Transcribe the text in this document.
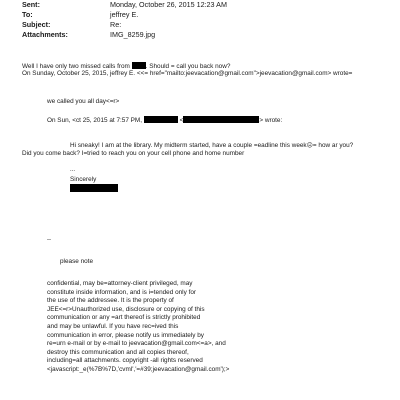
Sent:	Monday, October 26, 2015 12:23 AM
To:	jeffrey E.
Subject:	Re:
Attachments:	IMG_8259.jpg
Well I have only two missed calls from . Should = call you back now?
On Sunday, October 25, 2015, jeffrey E. <<= href="mailto:jeevacation@gmail.com">jeevacation@gmail.com> wrote=
we called you all day<=r>
On Sun, <ct 25, 2015 at 7:57 PM,	<	> wrote:
Hi sneaky! I am at the library. My midterm started, have a couple =eadline this week☹= how ar you?
Did you come back? I=tried to reach you on your cell phone and home number
...
Sincerely
--
please note
confidential, may be=attorney-client privileged, may
constitute inside information, and is i=tended only for
the use of the addressee. It is the property of
JEE<=r>Unauthorized use, disclosure or copying of this
communication or any =art thereof is strictly prohibited
and may be unlawful. If you have rec=ived this
communication in error, please notify us immediately by
re=urn e-mail or by e-mail to jeevacation@gmail.com<=a>, and
destroy this communication and all copies thereof,
including=all attachments. copyright -all rights reserved
<javascript:_e(%7B%7D,'cvml','=#39;jeevacation@gmail.com');>
